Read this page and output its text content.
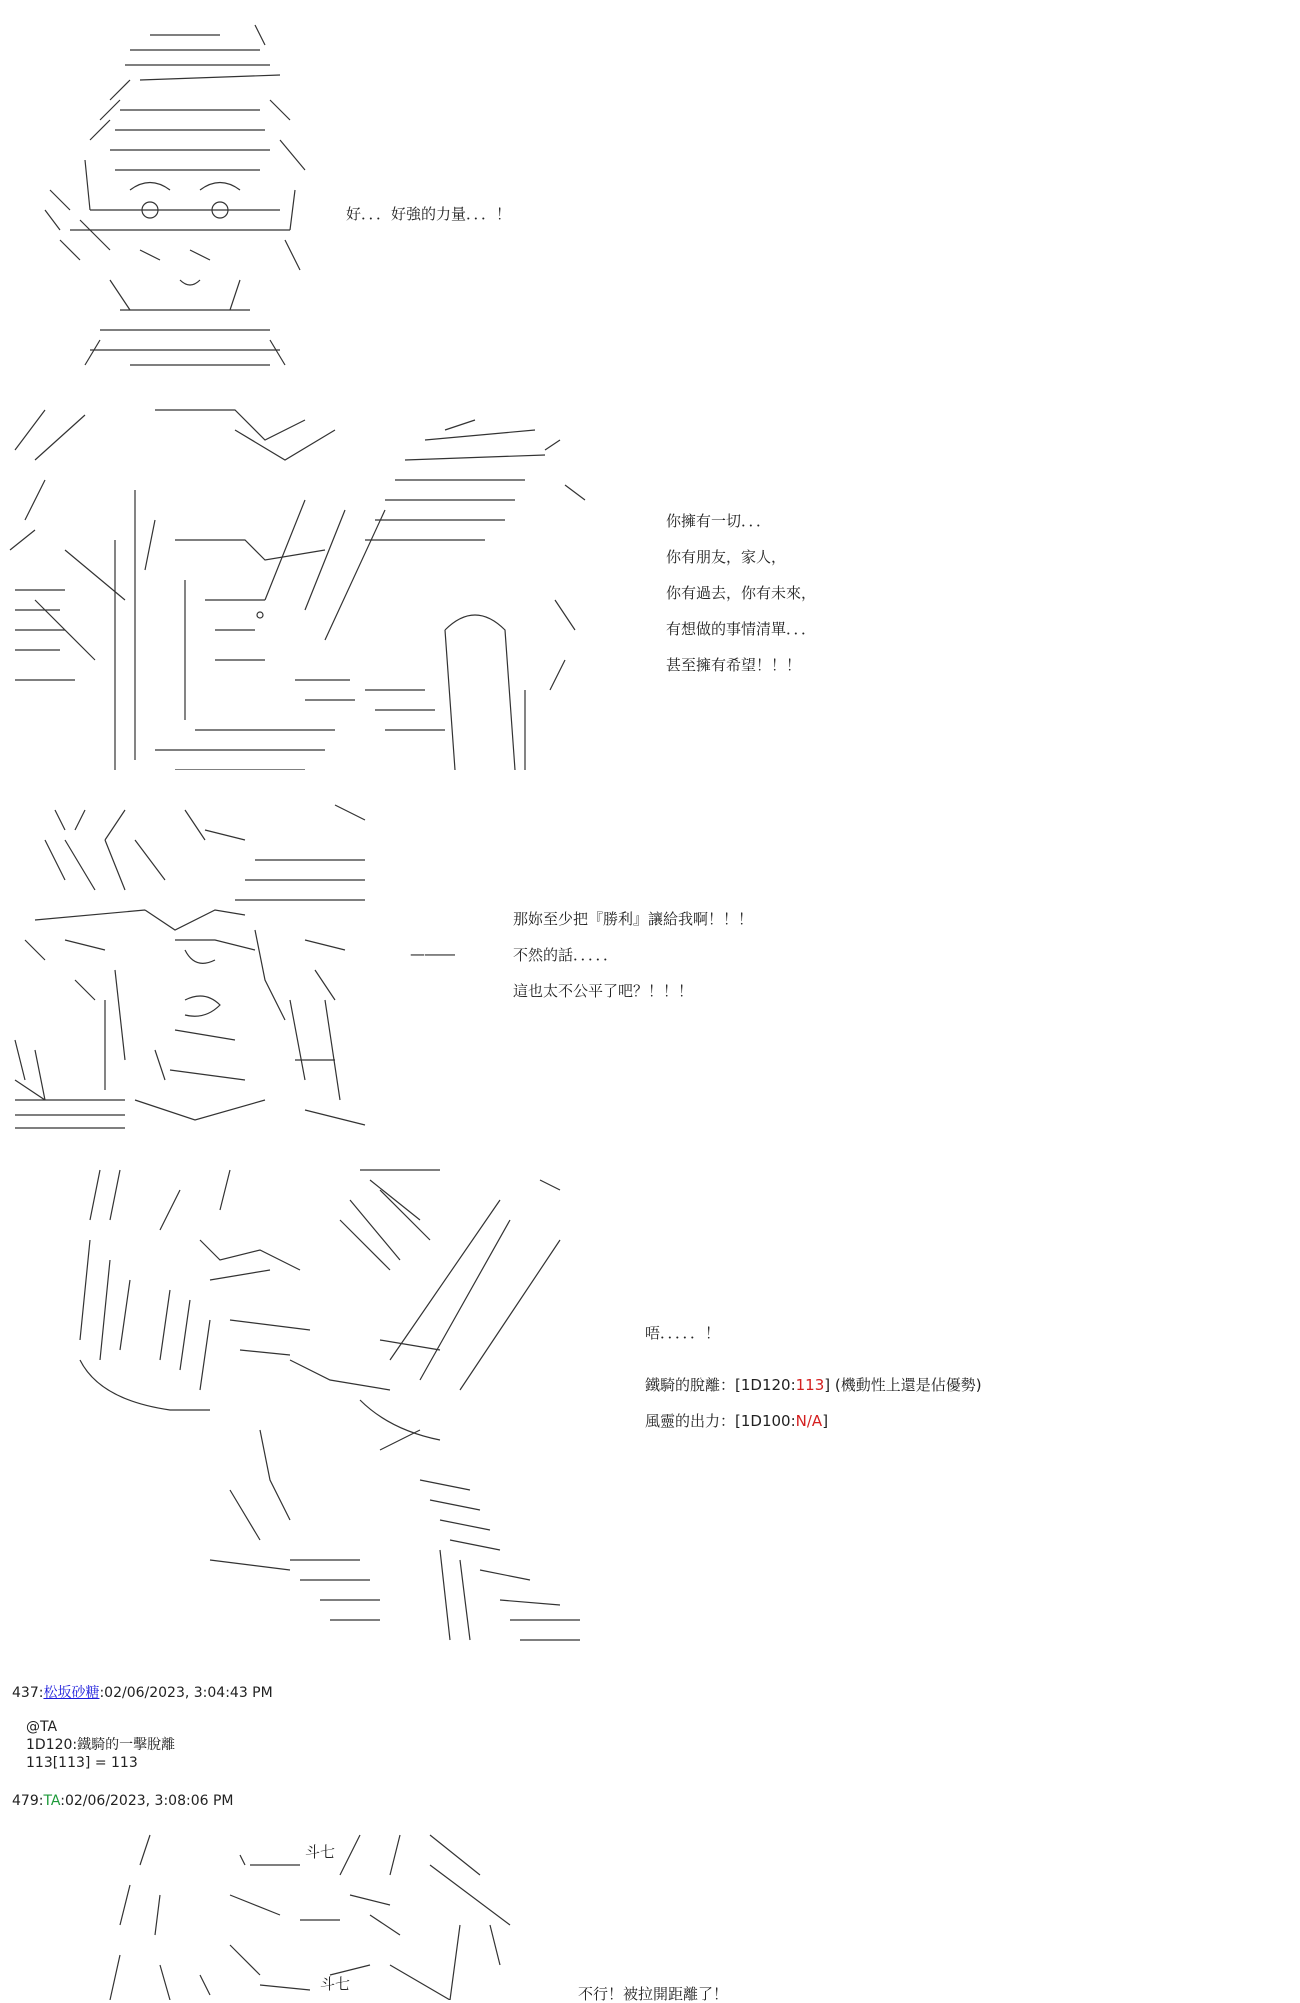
好．．．好強的力量．．．！
你擁有一切．．．
你有朋友，家人，
你有過去，你有未來，
有想做的事情清單．．．
甚至擁有希望！！！
—――
那妳至少把『勝利』讓給我啊！！！
不然的話．．．．．
這也太不公平了吧？！！！
唔．．．．．！
鐵騎的脫離：[1D120:113] (機動性上還是佔優勢)
風靈的出力：[1D100:N/A]
437:松坂砂糖:02/06/2023, 3:04:43 PM
@TA
1D120:鐵騎的一擊脫離
113[113] = 113
479:TA:02/06/2023, 3:08:06 PM
斗七
斗七
不行！被拉開距離了！
